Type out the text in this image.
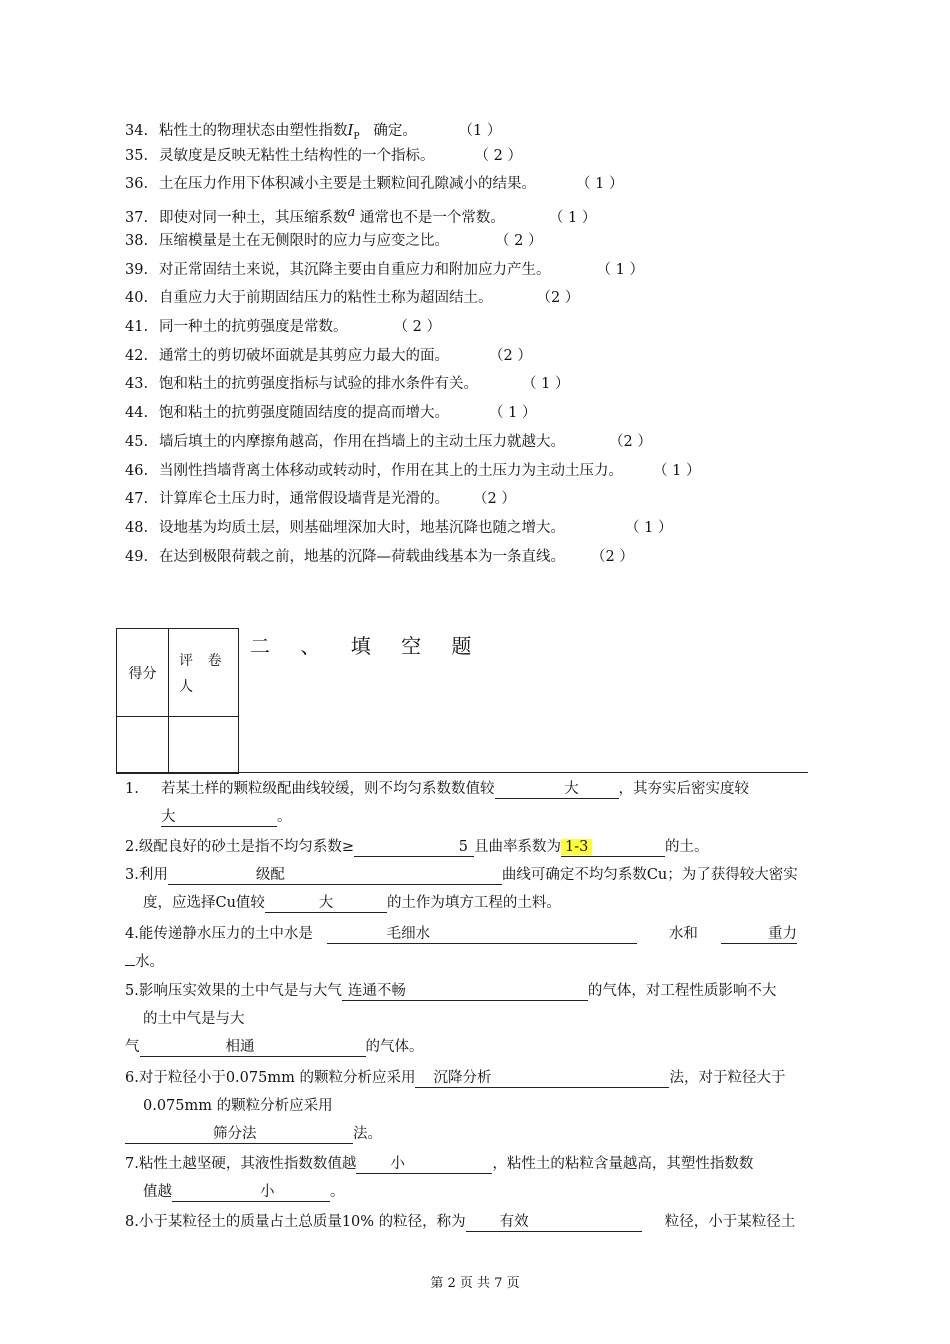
34. 粘性土的物理状态由塑性指数$I_P$ 确定。	（1 ）
35. 灵敏度是反映无粘性土结构性的一个指标。	（ 2 ）
36. 土在压力作用下体积减小主要是土颗粒间孔隙减小的结果。	（ 1 ）
37. 即使对同一种土，其压缩系数a 通常也不是一个常数。	（ 1 ）
38. 压缩模量是土在无侧限时的应力与应变之比。	（ 2 ）
39. 对正常固结土来说，其沉降主要由自重应力和附加应力产生。	（ 1 ）
40. 自重应力大于前期固结压力的粘性土称为超固结土。	（2 ）
41. 同一种土的抗剪强度是常数。	（ 2 ）
42. 通常土的剪切破坏面就是其剪应力最大的面。	（2 ）
43. 饱和粘土的抗剪强度指标与试验的排水条件有关。	（ 1 ）
44. 饱和粘土的抗剪强度随固结度的提高而增大。	（ 1 ）
45. 墙后填土的内摩擦角越高，作用在挡墙上的主动土压力就越大。	（2 ）
46. 当刚性挡墙背离土体移动或转动时，作用在其上的土压力为主动土压力。 （ 1 ）
47. 计算库仑土压力时，通常假设墙背是光滑的。 （2 ）
48. 设地基为均质土层，则基础埋深加大时，地基沉降也随之增大。	（ 1 ）
49. 在达到极限荷载之前，地基的沉降—荷载曲线基本为一条直线。 （2 ）
得分	评 卷
人

二 、 填 空 题
1. 若某土样的颗粒级配曲线较缓，则不均匀系数数值较	大	，其夯实后密实度较
大	。
2.级配良好的砂土是指不均匀系数≥	5 且曲率系数为 1-3	的土。
3.利用	级配	曲线可确定不均匀系数Cu；为了获得较大密实
度，应选择Cu值较	大	的土作为填方工程的土料。
4.能传递静水压力的土中水是	毛细水	水和	重力
水。
5.影响压实效果的土中气是与大气 连通不畅	的气体，对工程性质影响不大
的土中气是与大
气	相通	的气体。
6.对于粒径小于0.075mm 的颗粒分析应采用 沉降分析	法，对于粒径大于
0.075mm 的颗粒分析应采用
筛分法	法。
7.粘性土越坚硬，其液性指数数值越 小	，粘性土的粘粒含量越高，其塑性指数数
值越	小	。
8.小于某粒径土的质量占土总质量10% 的粒径，称为 有效	粒径，小于某粒径土
第 2 页 共 7 页
